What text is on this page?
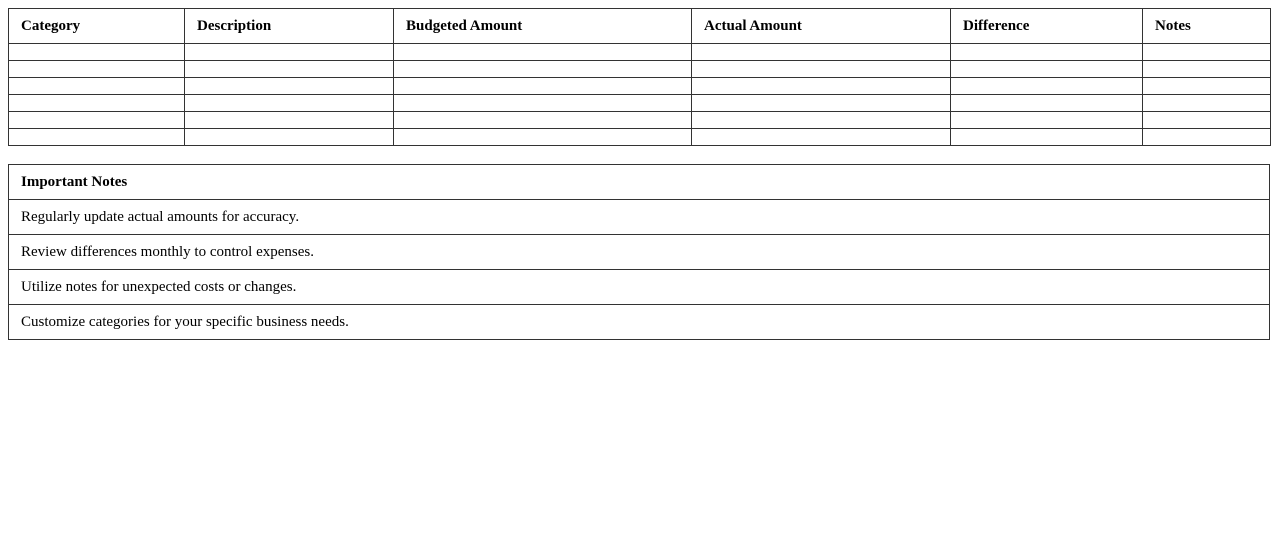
Category	Description	Budgeted Amount	Actual Amount	Difference	Notes

Important Notes
Regularly update actual amounts for accuracy.
Review differences monthly to control expenses.
Utilize notes for unexpected costs or changes.
Customize categories for your specific business needs.
